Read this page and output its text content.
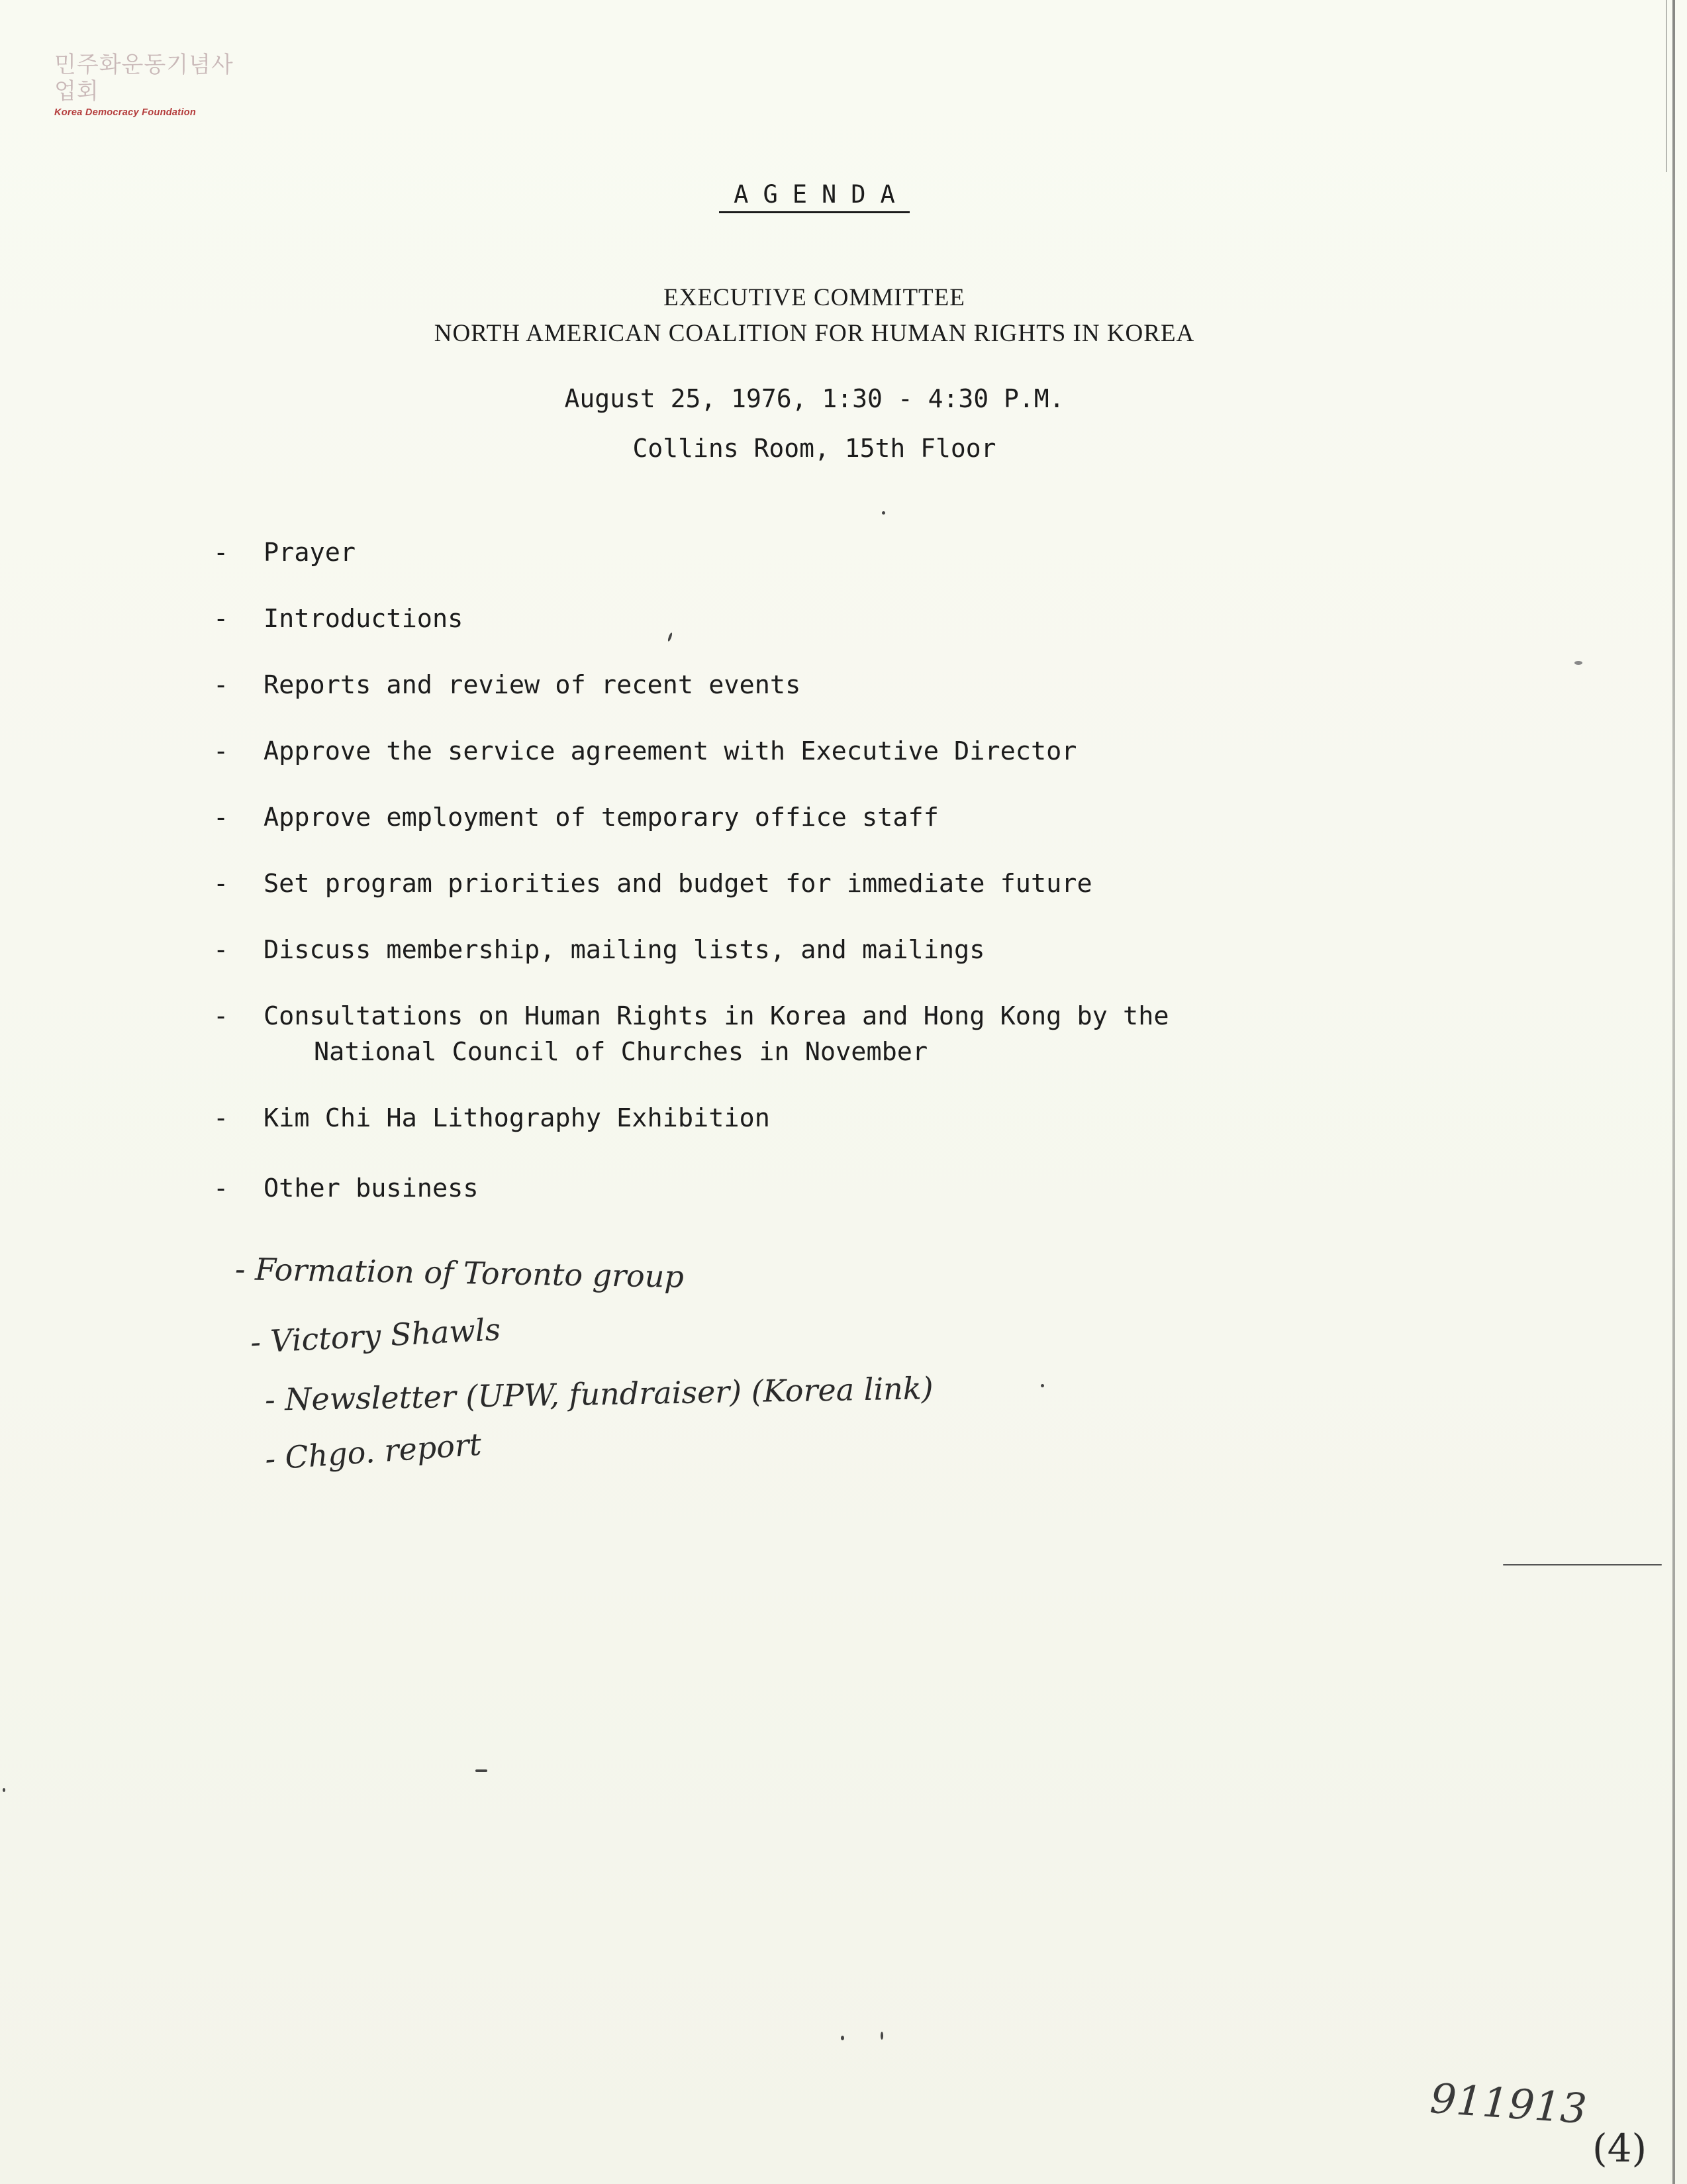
민주화운동기념사업회
Korea Democracy Foundation
AGENDA
EXECUTIVE COMMITTEE
NORTH AMERICAN COALITION FOR HUMAN RIGHTS IN KOREA
August 25, 1976, 1:30 - 4:30 P.M.
Collins Room, 15th Floor
- Prayer
- Introductions
- Reports and review of recent events
- Approve the service agreement with Executive Director
- Approve employment of temporary office staff
- Set program priorities and budget for immediate future
- Discuss membership, mailing lists, and mailings
- Consultations on Human Rights in Korea and Hong Kong by the
National Council of Churches in November
- Kim Chi Ha Lithography Exhibition
- Other business
- Formation of Toronto group
- Victory Shawls
- Newsletter (UPW, fundraiser) (Korea link)
- Chgo. report
911913
(4)
